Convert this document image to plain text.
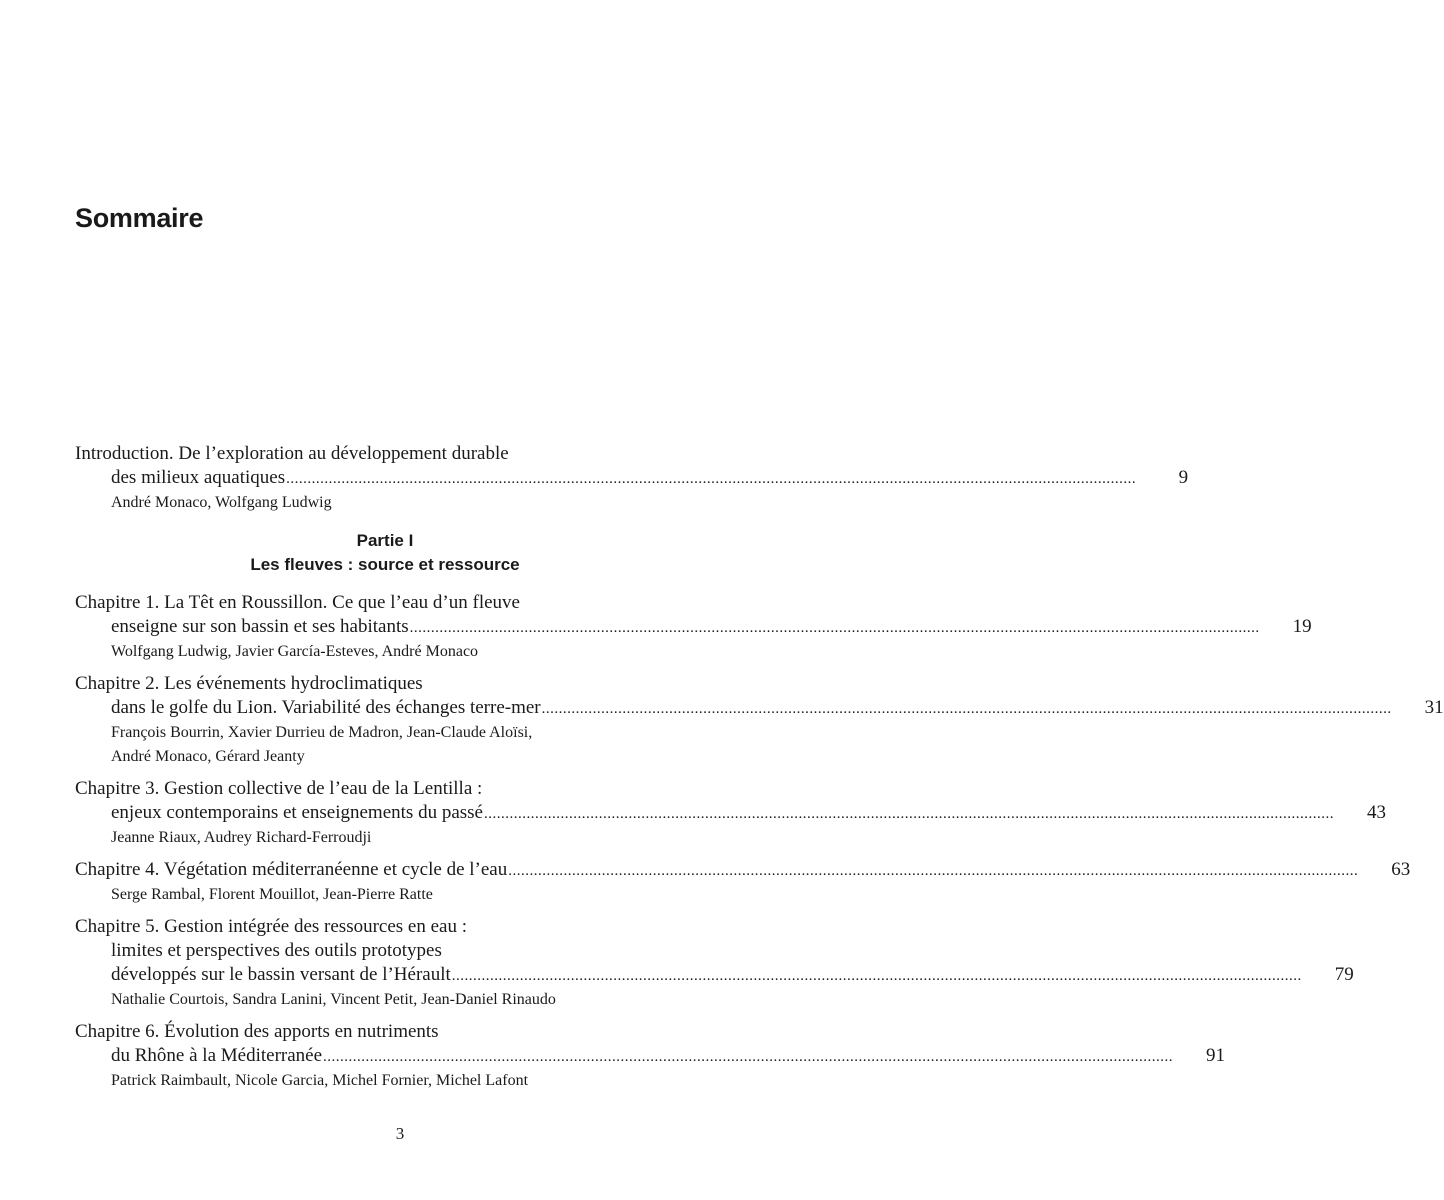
Sommaire
Introduction. De l’exploration au développement durable
des milieux aquatiques ........................................................................................................................................................................................................	9
André Monaco, Wolfgang Ludwig
Partie I
Les fleuves : source et ressource
Chapitre 1. La Têt en Roussillon. Ce que l’eau d’un fleuve
enseigne sur son bassin et ses habitants ........................................................................................................................................................................................................	19
Wolfgang Ludwig, Javier García-Esteves, André Monaco
Chapitre 2. Les événements hydroclimatiques
dans le golfe du Lion. Variabilité des échanges terre-mer ........................................................................................................................................................................................................	31
François Bourrin, Xavier Durrieu de Madron, Jean-Claude Aloïsi,
André Monaco, Gérard Jeanty
Chapitre 3. Gestion collective de l’eau de la Lentilla :
enjeux contemporains et enseignements du passé ........................................................................................................................................................................................................	43
Jeanne Riaux, Audrey Richard-Ferroudji
Chapitre 4. Végétation méditerranéenne et cycle de l’eau ........................................................................................................................................................................................................	63
Serge Rambal, Florent Mouillot, Jean-Pierre Ratte
Chapitre 5. Gestion intégrée des ressources en eau :
limites et perspectives des outils prototypes
développés sur le bassin versant de l’Hérault ........................................................................................................................................................................................................	79
Nathalie Courtois, Sandra Lanini, Vincent Petit, Jean-Daniel Rinaudo
Chapitre 6. Évolution des apports en nutriments
du Rhône à la Méditerranée ........................................................................................................................................................................................................	91
Patrick Raimbault, Nicole Garcia, Michel Fornier, Michel Lafont
3
